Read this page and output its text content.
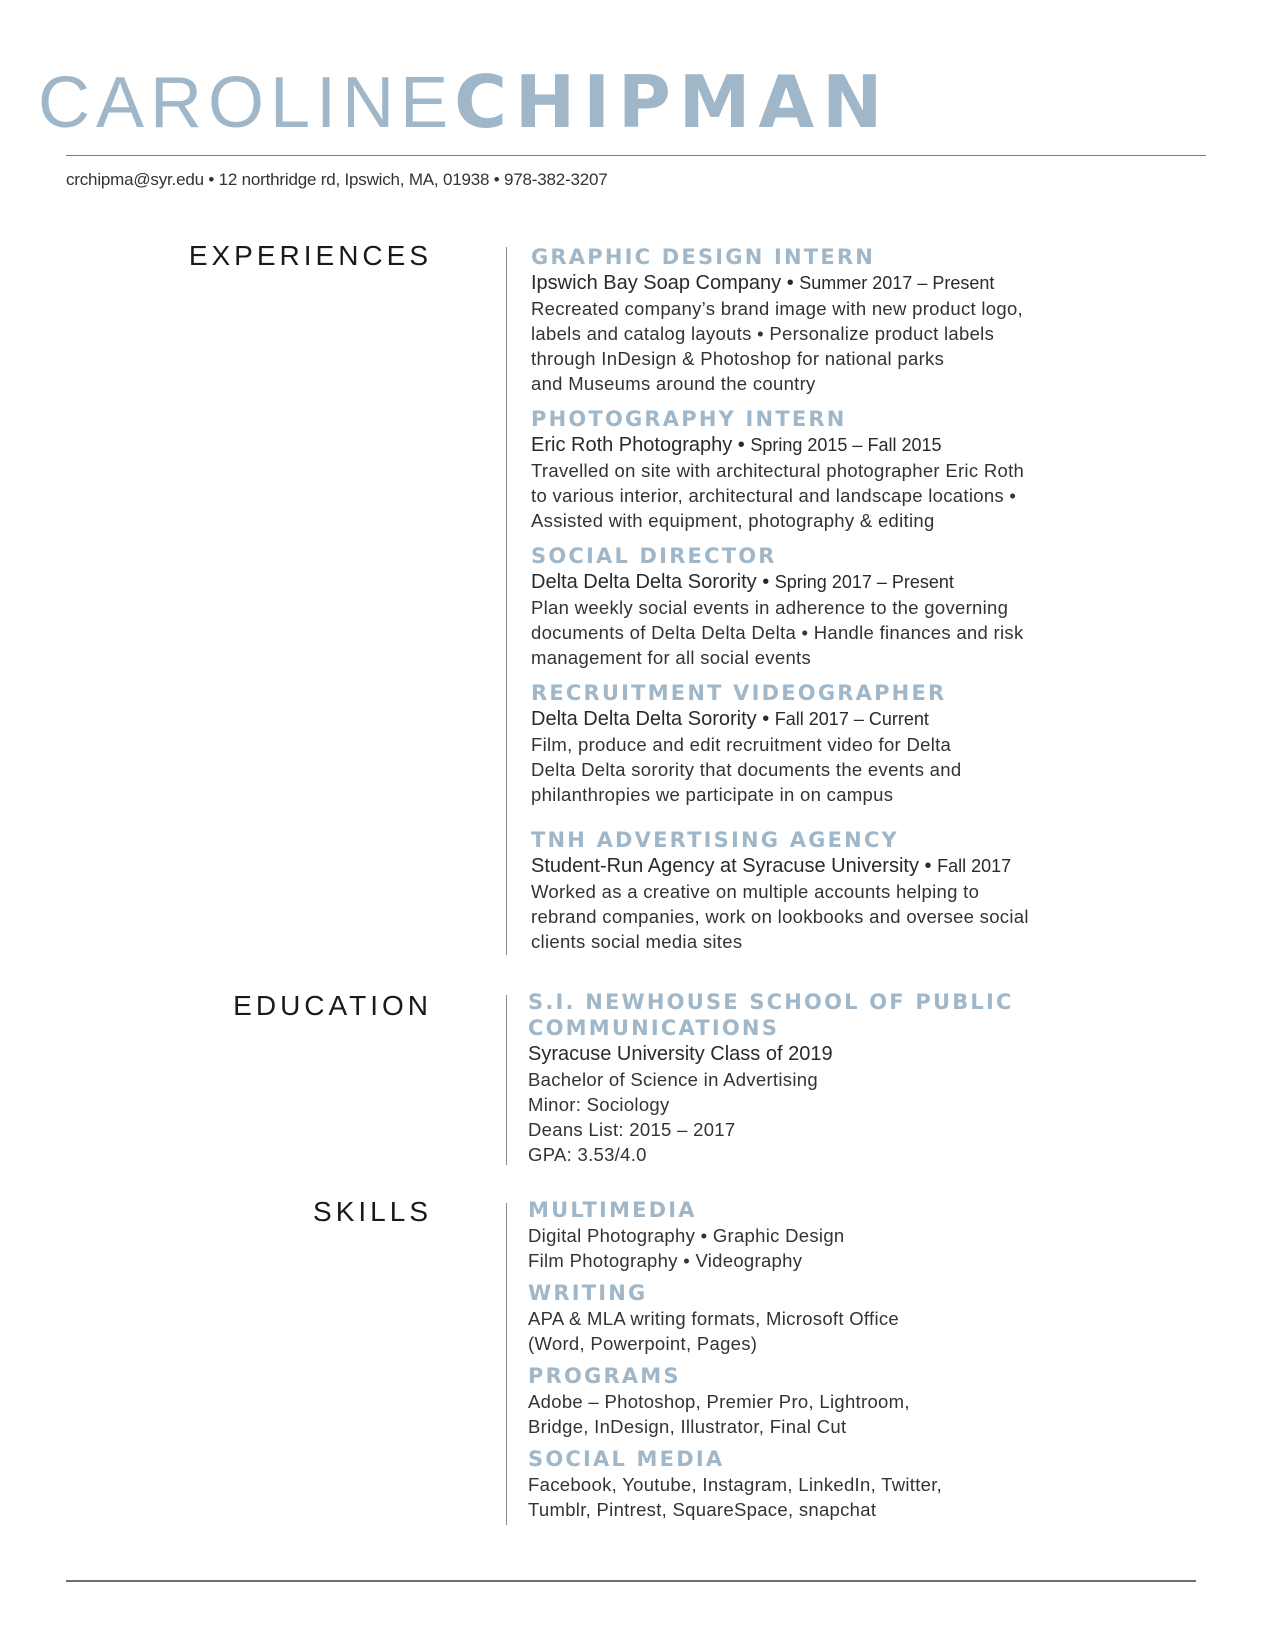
CAROLINECHIPMAN
crchipma@syr.edu • 12 northridge rd, Ipswich, MA, 01938 • 978-382-3207
EXPERIENCES	GRAPHIC DESIGN INTERN
Ipswich Bay Soap Company • Summer 2017 – Present
Recreated company’s brand image with new product logo,
labels and catalog layouts • Personalize product labels
through InDesign & Photoshop for national parks
and Museums around the country
PHOTOGRAPHY INTERN
Eric Roth Photography • Spring 2015 – Fall 2015
Travelled on site with architectural photographer Eric Roth
to various interior, architectural and landscape locations •
Assisted with equipment, photography & editing
SOCIAL DIRECTOR
Delta Delta Delta Sorority • Spring 2017 – Present
Plan weekly social events in adherence to the governing
documents of Delta Delta Delta • Handle finances and risk
management for all social events
RECRUITMENT VIDEOGRAPHER
Delta Delta Delta Sorority • Fall 2017 – Current
Film, produce and edit recruitment video for Delta
Delta Delta sorority that documents the events and
philanthropies we participate in on campus
TNH ADVERTISING AGENCY
Student-Run Agency at Syracuse University • Fall 2017
Worked as a creative on multiple accounts helping to
rebrand companies, work on lookbooks and oversee social
clients social media sites
EDUCATION	S.I. NEWHOUSE SCHOOL OF PUBLIC
COMMUNICATIONS
Syracuse University Class of 2019
Bachelor of Science in Advertising
Minor: Sociology
Deans List: 2015 – 2017
GPA: 3.53/4.0
SKILLS	MULTIMEDIA
Digital Photography • Graphic Design
Film Photography • Videography
WRITING
APA & MLA writing formats, Microsoft Office
(Word, Powerpoint, Pages)
PROGRAMS
Adobe – Photoshop, Premier Pro, Lightroom,
Bridge, InDesign, Illustrator, Final Cut
SOCIAL MEDIA
Facebook, Youtube, Instagram, LinkedIn, Twitter,
Tumblr, Pintrest, SquareSpace, snapchat
